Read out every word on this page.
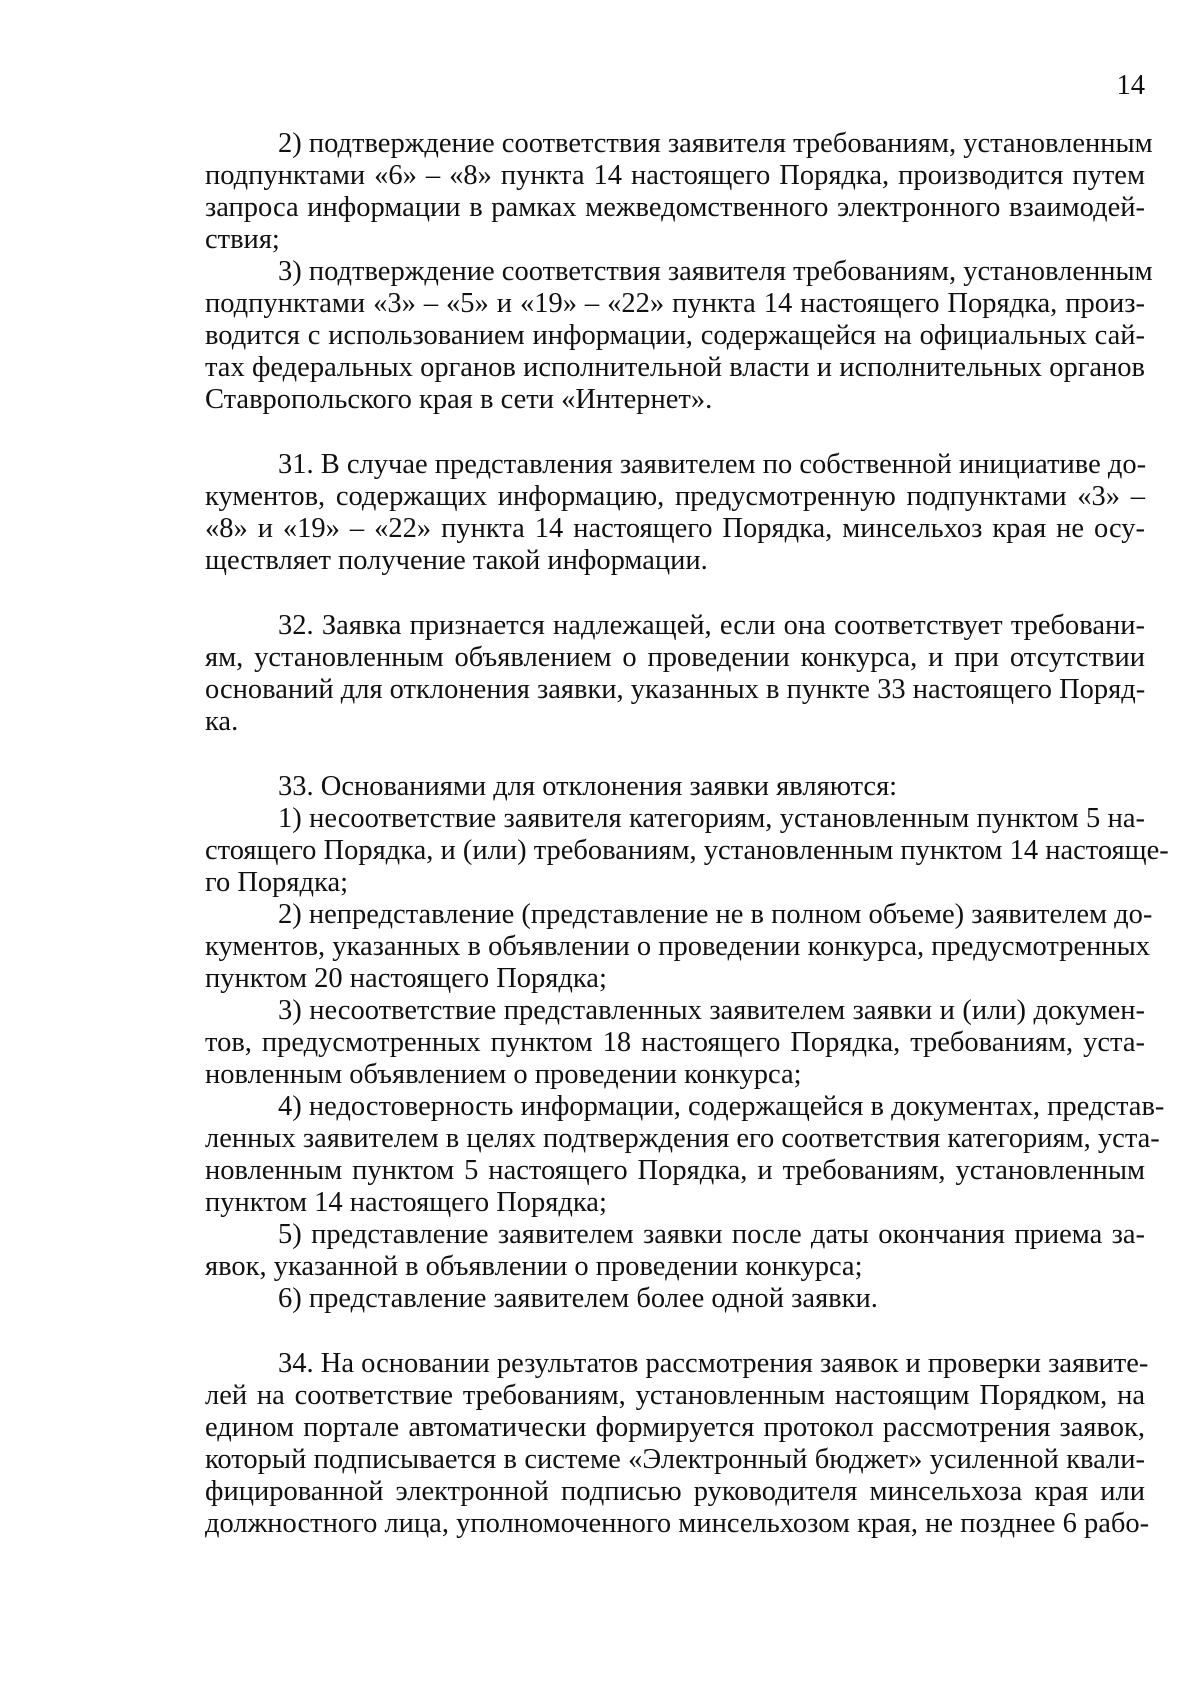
14
2) подтверждение соответствия заявителя требованиям, установленным
подпунктами «6» – «8» пункта 14 настоящего Порядка, производится путем
запроса информации в рамках межведомственного электронного взаимодей-
ствия;
3) подтверждение соответствия заявителя требованиям, установленным
подпунктами «3» – «5» и «19» – «22» пункта 14 настоящего Порядка, произ-
водится с использованием информации, содержащейся на официальных сай-
тах федеральных органов исполнительной власти и исполнительных органов
Ставропольского края в сети «Интернет».
31. В случае представления заявителем по собственной инициативе до-
кументов, содержащих информацию, предусмотренную подпунктами «3» –
«8» и «19» – «22» пункта 14 настоящего Порядка, минсельхоз края не осу-
ществляет получение такой информации.
32. Заявка признается надлежащей, если она соответствует требовани-
ям, установленным объявлением о проведении конкурса, и при отсутствии
оснований для отклонения заявки, указанных в пункте 33 настоящего Поряд-
ка.
33. Основаниями для отклонения заявки являются:
1) несоответствие заявителя категориям, установленным пунктом 5 на-
стоящего Порядка, и (или) требованиям, установленным пунктом 14 настояще-
го Порядка;
2) непредставление (представление не в полном объеме) заявителем до-
кументов, указанных в объявлении о проведении конкурса, предусмотренных
пунктом 20 настоящего Порядка;
3) несоответствие представленных заявителем заявки и (или) докумен-
тов, предусмотренных пунктом 18 настоящего Порядка, требованиям, уста-
новленным объявлением о проведении конкурса;
4) недостоверность информации, содержащейся в документах, представ-
ленных заявителем в целях подтверждения его соответствия категориям, уста-
новленным пунктом 5 настоящего Порядка, и требованиям, установленным
пунктом 14 настоящего Порядка;
5) представление заявителем заявки после даты окончания приема за-
явок, указанной в объявлении о проведении конкурса;
6) представление заявителем более одной заявки.
34. На основании результатов рассмотрения заявок и проверки заявите-
лей на соответствие требованиям, установленным настоящим Порядком, на
едином портале автоматически формируется протокол рассмотрения заявок,
который подписывается в системе «Электронный бюджет» усиленной квали-
фицированной электронной подписью руководителя минсельхоза края или
должностного лица, уполномоченного минсельхозом края, не позднее 6 рабо-
